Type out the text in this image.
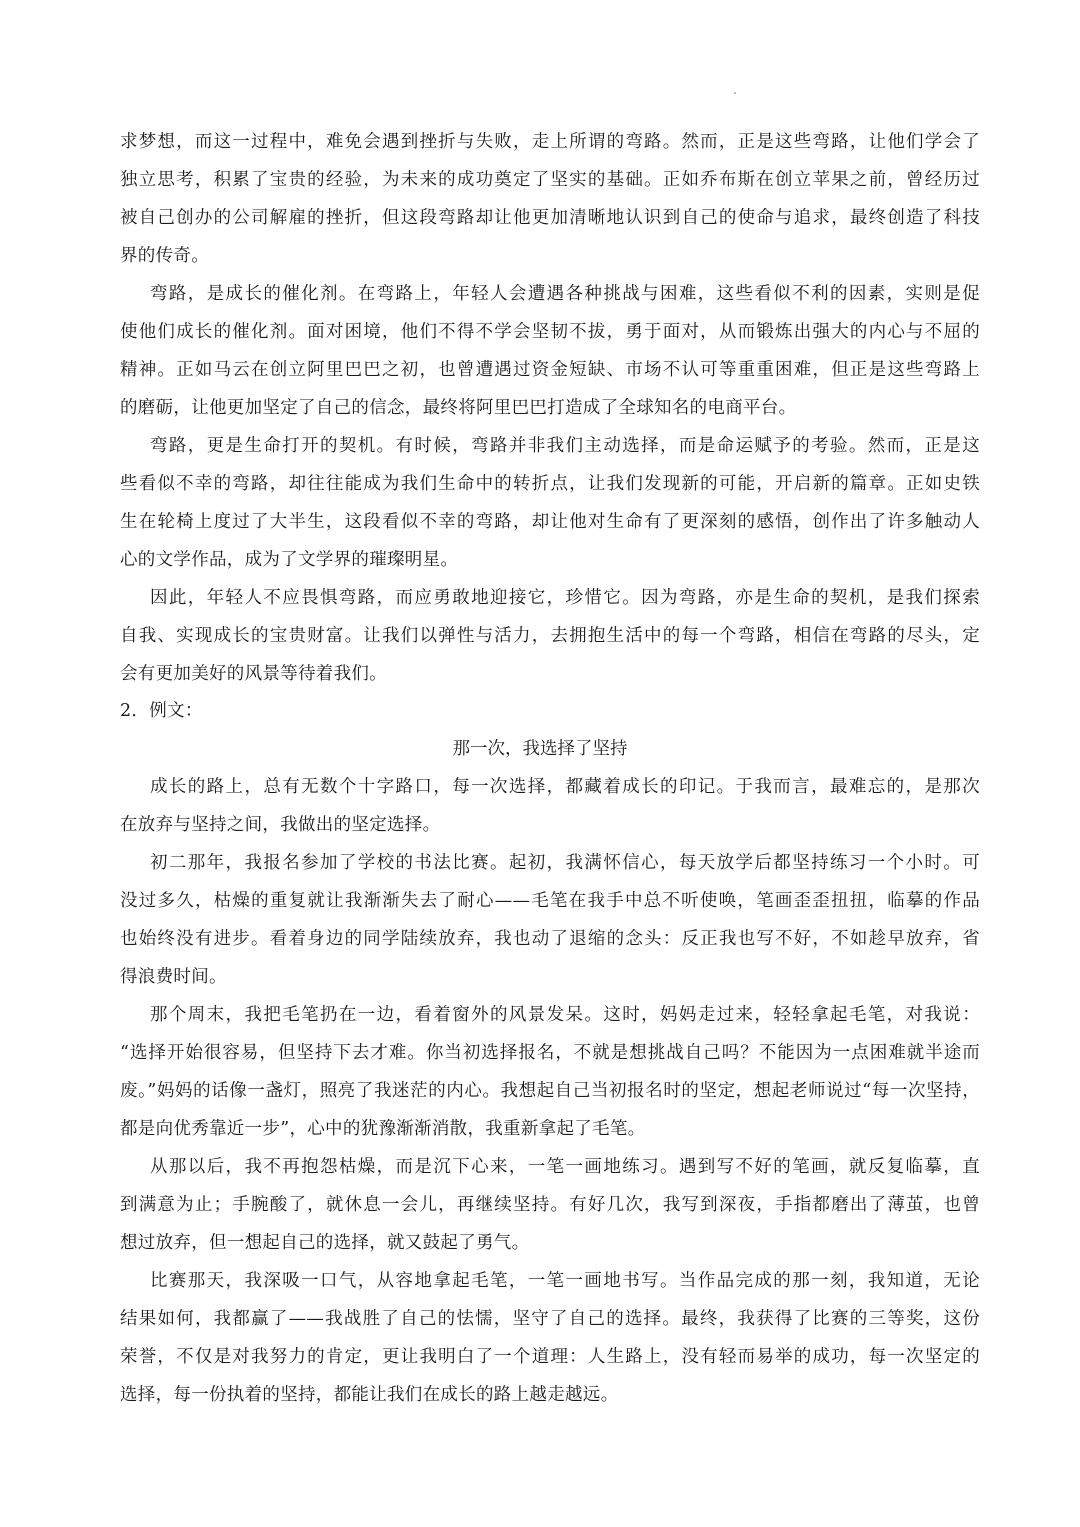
求梦想，而这一过程中，难免会遇到挫折与失败，走上所谓的弯路。然而，正是这些弯路，让他们学会了
独立思考，积累了宝贵的经验，为未来的成功奠定了坚实的基础。正如乔布斯在创立苹果之前，曾经历过
被自己创办的公司解雇的挫折，但这段弯路却让他更加清晰地认识到自己的使命与追求，最终创造了科技
界的传奇。
弯路，是成长的催化剂。在弯路上，年轻人会遭遇各种挑战与困难，这些看似不利的因素，实则是促
使他们成长的催化剂。面对困境，他们不得不学会坚韧不拔，勇于面对，从而锻炼出强大的内心与不屈的
精神。正如马云在创立阿里巴巴之初，也曾遭遇过资金短缺、市场不认可等重重困难，但正是这些弯路上
的磨砺，让他更加坚定了自己的信念，最终将阿里巴巴打造成了全球知名的电商平台。
弯路，更是生命打开的契机。有时候，弯路并非我们主动选择，而是命运赋予的考验。然而，正是这
些看似不幸的弯路，却往往能成为我们生命中的转折点，让我们发现新的可能，开启新的篇章。正如史铁
生在轮椅上度过了大半生，这段看似不幸的弯路，却让他对生命有了更深刻的感悟，创作出了许多触动人
心的文学作品，成为了文学界的璀璨明星。
因此，年轻人不应畏惧弯路，而应勇敢地迎接它，珍惜它。因为弯路，亦是生命的契机，是我们探索
自我、实现成长的宝贵财富。让我们以弹性与活力，去拥抱生活中的每一个弯路，相信在弯路的尽头，定
会有更加美好的风景等待着我们。
2．例文：
那一次，我选择了坚持
成长的路上，总有无数个十字路口，每一次选择，都藏着成长的印记。于我而言，最难忘的，是那次
在放弃与坚持之间，我做出的坚定选择。
初二那年，我报名参加了学校的书法比赛。起初，我满怀信心，每天放学后都坚持练习一个小时。可
没过多久，枯燥的重复就让我渐渐失去了耐心——毛笔在我手中总不听使唤，笔画歪歪扭扭，临摹的作品
也始终没有进步。看着身边的同学陆续放弃，我也动了退缩的念头：反正我也写不好，不如趁早放弃，省
得浪费时间。
那个周末，我把毛笔扔在一边，看着窗外的风景发呆。这时，妈妈走过来，轻轻拿起毛笔，对我说：
“选择开始很容易，但坚持下去才难。你当初选择报名，不就是想挑战自己吗？不能因为一点困难就半途而
废。”妈妈的话像一盏灯，照亮了我迷茫的内心。我想起自己当初报名时的坚定，想起老师说过“每一次坚持，
都是向优秀靠近一步”，心中的犹豫渐渐消散，我重新拿起了毛笔。
从那以后，我不再抱怨枯燥，而是沉下心来，一笔一画地练习。遇到写不好的笔画，就反复临摹，直
到满意为止；手腕酸了，就休息一会儿，再继续坚持。有好几次，我写到深夜，手指都磨出了薄茧，也曾
想过放弃，但一想起自己的选择，就又鼓起了勇气。
比赛那天，我深吸一口气，从容地拿起毛笔，一笔一画地书写。当作品完成的那一刻，我知道，无论
结果如何，我都赢了——我战胜了自己的怯懦，坚守了自己的选择。最终，我获得了比赛的三等奖，这份
荣誉，不仅是对我努力的肯定，更让我明白了一个道理：人生路上，没有轻而易举的成功，每一次坚定的
选择，每一份执着的坚持，都能让我们在成长的路上越走越远。
